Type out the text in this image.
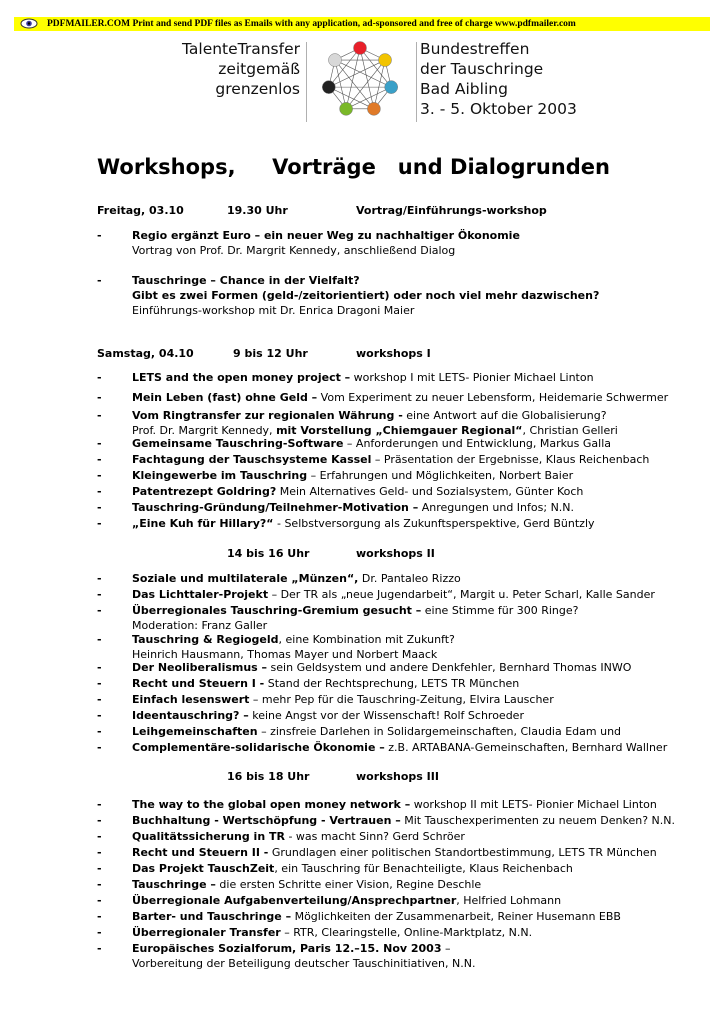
PDFMAILER.COM Print and send PDF files as Emails with any application, ad-sponsored and free of charge www.pdfmailer.com
TalenteTransfer
zeitgemäß
grenzenlos
Bundestreffen
der Tauschringe
Bad Aibling
3. - 5. Oktober 2003
Workshops,     Vorträge   und Dialogrunden
Freitag, 03.10	19.30 Uhr	Vortrag/Einführungs-workshop
-	Regio ergänzt Euro – ein neuer Weg zu nachhaltiger Ökonomie
Vortrag von Prof. Dr. Margrit Kennedy, anschließend Dialog
-	Tauschringe – Chance in der Vielfalt?
Gibt es zwei Formen (geld-/zeitorientiert) oder noch viel mehr dazwischen?
Einführungs-workshop mit Dr. Enrica Dragoni Maier
Samstag, 04.10	9 bis 12 Uhr	workshops I
-	LETS and the open money project – workshop I mit LETS- Pionier Michael Linton
-	Mein Leben (fast) ohne Geld – Vom Experiment zu neuer Lebensform, Heidemarie Schwermer
-	Vom Ringtransfer zur regionalen Währung - eine Antwort auf die Globalisierung?
Prof. Dr. Margrit Kennedy, mit Vorstellung „Chiemgauer Regional“, Christian Gelleri
-	Gemeinsame Tauschring-Software – Anforderungen und Entwicklung, Markus Galla
-	Fachtagung der Tauschsysteme Kassel – Präsentation der Ergebnisse, Klaus Reichenbach
-	Kleingewerbe im Tauschring – Erfahrungen und Möglichkeiten, Norbert Baier
-	Patentrezept Goldring? Mein Alternatives Geld- und Sozialsystem, Günter Koch
-	Tauschring-Gründung/Teilnehmer-Motivation – Anregungen und Infos; N.N.
-	„Eine Kuh für Hillary?“ - Selbstversorgung als Zukunftsperspektive, Gerd Büntzly
14 bis 16 Uhr	workshops II
-	Soziale und multilaterale „Münzen“, Dr. Pantaleo Rizzo
-	Das Lichttaler-Projekt – Der TR als „neue Jugendarbeit“, Margit u. Peter Scharl, Kalle Sander
-	Überregionales Tauschring-Gremium gesucht – eine Stimme für 300 Ringe?
Moderation: Franz Galler
-	Tauschring & Regiogeld, eine Kombination mit Zukunft?
Heinrich Hausmann, Thomas Mayer und Norbert Maack
-	Der Neoliberalismus – sein Geldsystem und andere Denkfehler, Bernhard Thomas INWO
-	Recht und Steuern I - Stand der Rechtsprechung, LETS TR München
-	Einfach lesenswert – mehr Pep für die Tauschring-Zeitung, Elvira Lauscher
-	Ideentauschring? – keine Angst vor der Wissenschaft! Rolf Schroeder
-	Leihgemeinschaften – zinsfreie Darlehen in Solidargemeinschaften, Claudia Edam und
-	Complementäre-solidarische Ökonomie – z.B. ARTABANA-Gemeinschaften, Bernhard Wallner
16 bis 18 Uhr	workshops III
-	The way to the global open money network – workshop II mit LETS- Pionier Michael Linton
-	Buchhaltung - Wertschöpfung - Vertrauen – Mit Tauschexperimenten zu neuem Denken? N.N.
-	Qualitätssicherung in TR - was macht Sinn? Gerd Schröer
-	Recht und Steuern II - Grundlagen einer politischen Standortbestimmung, LETS TR München
-	Das Projekt TauschZeit, ein Tauschring für Benachteiligte, Klaus Reichenbach
-	Tauschringe – die ersten Schritte einer Vision, Regine Deschle
-	Überregionale Aufgabenverteilung/Ansprechpartner, Helfried Lohmann
-	Barter- und Tauschringe – Möglichkeiten der Zusammenarbeit, Reiner Husemann EBB
-	Überregionaler Transfer – RTR, Clearingstelle, Online-Marktplatz, N.N.
-	Europäisches Sozialforum, Paris 12.–15. Nov 2003 –
Vorbereitung der Beteiligung deutscher Tauschinitiativen, N.N.
